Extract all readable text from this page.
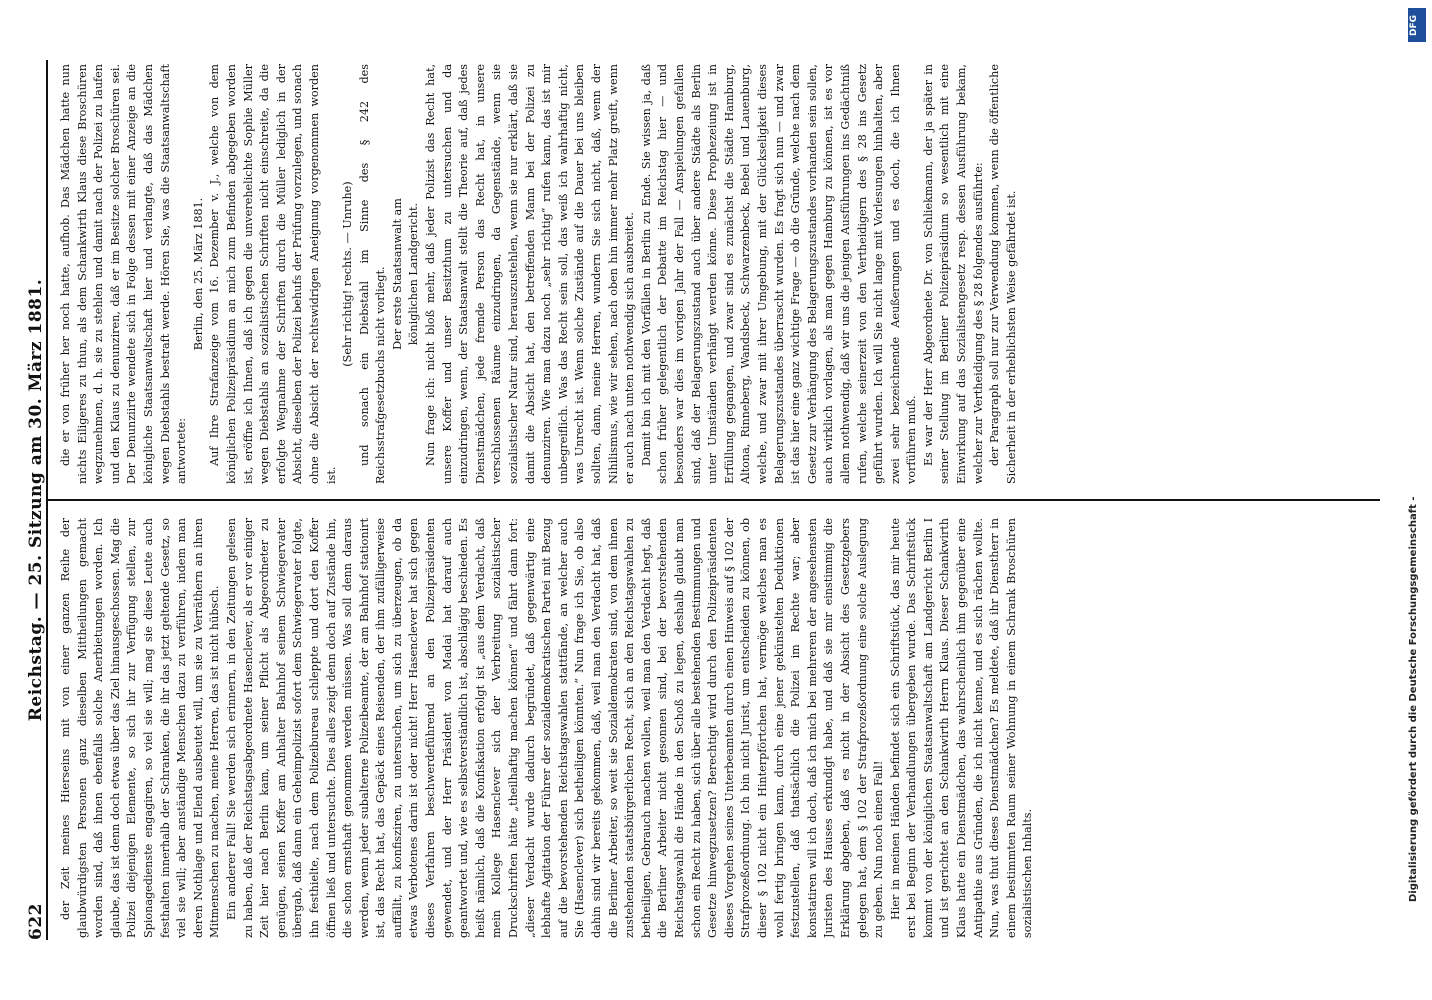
622
Reichstag. — 25. Sitzung am 30. März 1881. der Zeit meines Hierseins mit von einer ganzen Reihe der glaubwürdigsten Personen ganz dieselben Mittheilungen gemacht worden sind, daß ihnen ebenfalls solche Anerbietungen worden. Ich glaube, das ist denn doch etwas über das Ziel hinausgeschossen. Mag die Polizei diejenigen Elemente, so sich ihr zur Verfügung stellen, zur Spionagedienste engagiren, so viel sie will; mag sie diese Leute auch festhalten innerhalb der Schranken, die ihr das jetzt geltende Gesetz, so viel sie will; aber anständige Menschen dazu zu verführen, indem man deren Nothlage und Elend ausbeutet will, um sie zu Verräthern an ihren Mitmenschen zu machen, meine Herren, das ist nicht hübsch. Ein anderer Fall! Sie werden sich erinnern, in den Zeitungen gelesen zu haben, daß der Reichstagsabgeordnete Hasenclever, als er vor einiger Zeit hier nach Berlin kam, um seiner Pflicht als Abgeordneter zu genügen, seinen Koffer am Anhalter Bahnhof seinem Schwiegervater übergab, daß dann ein Geheimpolizist sofort dem Schwiegervater folgte, ihn festhielte, nach dem Polizeibureau schleppte und dort den Koffer öffnen ließ und untersuchte. Dies alles zeigt denn doch auf Zustände hin, die schon ernsthaft genommen werden müssen. Was soll denn daraus werden, wenn jeder subalterne Polizeibeamte, der am Bahnhof stationirt ist, das Recht hat, das Gepäck eines Reisenden, der ihm zufälligerweise auffällt, zu konfisziren, zu untersuchen, um sich zu überzeugen, ob da etwas Verbotenes darin ist oder nicht! Herr Hasenclever hat sich gegen dieses Verfahren beschwerdeführend an den Polizeipräsidenten gewendet, und der Herr Präsident von Madai hat darauf auch geantwortet und, wie es selbstverständlich ist, abschlägig beschieden. Es heißt nämlich, daß die Konfiskation erfolgt ist „aus dem Verdacht, daß mein Kollege Hasenclever sich der Verbreitung sozialistischer Druckschriften hätte „theilhaftig machen können“ und fährt dann fort: „dieser Verdacht wurde dadurch begründet, daß gegenwärtig eine lebhafte Agitation der Führer der sozialdemokratischen Partei mit Bezug auf die bevorstehenden Reichstagswahlen stattfände, an welcher auch Sie (Hasenclever) sich betheiligen könnten.“ Nun frage ich Sie, ob also dahin sind wir bereits gekommen, daß, weil man den Verdacht hat, daß die Berliner Arbeiter, so weit sie Sozialdemokraten sind, von dem ihnen zustehenden staatsbürgerlichen Recht, sich an den Reichstagswahlen zu betheiligen, Gebrauch machen wollen, weil man den Verdacht hegt, daß die Berliner Arbeiter nicht gesonnen sind, bei der bevorstehenden Reichstagswahl die Hände in den Schoß zu legen, deshalb glaubt man schon ein Recht zu haben, sich über alle bestehenden Bestimmungen und Gesetze hinwegzusetzen? Berechtigt wird durch den Polizeipräsidenten dieses Vorgehen seines Unterbeamten durch einen Hinweis auf § 102 der Strafprozeßordnung. Ich bin nicht Jurist, um entscheiden zu können, ob dieser § 102 nicht ein Hinterpförtchen hat, vermöge welches man es wohl fertig bringen kann, durch eine jener gekünstelten Deduktionen festzustellen, daß thatsächlich die Polizei im Rechte war; aber konstatiren will ich doch, daß ich mich bei mehreren der angesehensten Juristen des Hauses erkundigt habe, und daß sie mir einstimmig die Erklärung abgeben, daß es nicht in der Absicht des Gesetzgebers gelegen hat, dem § 102 der Strafprozeßordnung eine solche Auslegung zu geben. Nun noch einen Fall! Hier in meinen Händen befindet sich ein Schriftstück, das mir heute erst bei Beginn der Verhandlungen übergeben wurde. Das Schriftstück kommt von der königlichen Staatsanwaltschaft am Landgericht Berlin I und ist gerichtet an den Schankwirth Herrn Klaus. Dieser Schankwirth Klaus hatte ein Dienstmädchen, das wahrscheinlich ihm gegenüber eine Antipathie aus Gründen, die ich nicht kenne, und es sich rächen wollte. Nun, was thut dieses Dienstmädchen? Es meldete, daß ihr Dienstherr in einem bestimmten Raum seiner Wohnung in einem Schrank Broschüren sozialistischen Inhalts.

die er von früher her noch hatte, aufhob. Das Mädchen hatte nun nichts Eiligeres zu thun, als dem Schankwirth Klaus diese Broschüren wegzunehmen, d. h. sie zu stehlen und damit nach der Polizei zu laufen und den Klaus zu denunziren, daß er im Besitze solcher Broschüren sei. Der Denunziirte wendete sich in Folge dessen mit einer Anzeige an die königliche Staatsanwaltschaft hier und verlangte, daß das Mädchen wegen Diebstahls bestraft werde. Hören Sie, was die Staatsanwaltschaft antwortete:

Berlin, den 25. März 1881. Auf Ihre Strafanzeige vom 16. Dezember v. J., welche von dem königlichen Polizeipräsidium an mich zum Befinden abgegeben worden ist, eröffne ich Ihnen, daß ich gegen die unverehelichte Sophie Müller wegen Diebstahls an sozialistischen Schriften nicht einschreite, da die erfolgte Wegnahme der Schriften durch die Müller lediglich in der Absicht, dieselben der Polizei behufs der Prüfung vorzulegen, und sonach ohne die Absicht der rechtswidrigen Aneignung vorgenommen worden ist.

(Sehr richtig! rechts. — Unruhe) und sonach ein Diebstahl im Sinne des § 242 des Reichsstrafgesetzbuchs nicht vorliegt. Der erste Staatsanwalt am königlichen Landgericht. Nun frage ich: nicht bloß mehr, daß jeder Polizist das Recht hat, unsere Koffer und unser Besitzthum zu untersuchen und da einzudringen, wenn, der Staatsanwalt stellt die Theorie auf, daß jedes Dienstmädchen, jede fremde Person das Recht hat, in unsere verschlossenen Räume einzudringen, da Gegenstände, wenn sie sozialistischer Natur sind, herauszustehlen, wenn sie nur erklärt, daß sie damit die Absicht hat, den betreffenden Mann bei der Polizei zu denunziren. Wie man dazu noch „sehr richtig“ rufen kann, das ist mir unbegreiflich. Was das Recht sein soll, das weiß ich wahrhaftig nicht, was Unrecht ist. Wenn solche Zustände auf die Dauer bei uns bleiben sollten, dann, meine Herren, wundern Sie sich nicht, daß, wenn der Nihilismus, wie wir sehen, nach oben hin immer mehr Platz greift, wenn er auch nach unten nothwendig sich ausbreitet. Damit bin ich mit den Vorfällen in Berlin zu Ende. Sie wissen ja, daß schon früher gelegentlich der Debatte im Reichstag hier — und besonders war dies im vorigen Jahr der Fall — Anspielungen gefallen sind, daß der Belagerungszustand auch über andere Städte als Berlin unter Umständen verhängt werden könne. Diese Prophezeiung ist in Erfüllung gegangen, und zwar sind es zunächst die Städte Hamburg, Altona, Rinneberg, Wandsbeck, Schwarzenbeck, Bebel und Lauenburg, welche, und zwar mit ihrer Umgebung, mit der Glückseligkeit dieses Belagerungszustandes überrascht wurden. Es fragt sich nun — und zwar ist das hier eine ganz wichtige Frage — ob die Gründe, welche nach dem Gesetz zur Verhängung des Belagerungszustandes vorhanden sein sollen, auch wirklich vorlagen, als man gegen Hamburg zu können, ist es vor allem nothwendig, daß wir uns die jenigen Ausführungen ins Gedächtniß rufen, welche seinerzeit von den Vertheidigern des § 28 ins Gesetz geführt wurden. Ich will Sie nicht lange mit Vorlesungen hinhalten, aber zwei sehr bezeichnende Aeußerungen und es doch, die ich Ihnen vorführen muß. Es war der Herr Abgeordnete Dr. von Schliekmann, der ja später in seiner Stellung im Berliner Polizeipräsidium so wesentlich mit eine Einwirkung auf das Sozialistengesetz resp. dessen Ausführung bekam, welcher zur Vertheidigung des § 28 folgendes ausführte: der Paragraph soll nur zur Verwendung kommen, wenn die öffentliche Sicherheit in der erheblichsten Weise gefährdet ist.

Digitalisierung gefördert durch die Deutsche Forschungsgemeinschaft -
DFG
